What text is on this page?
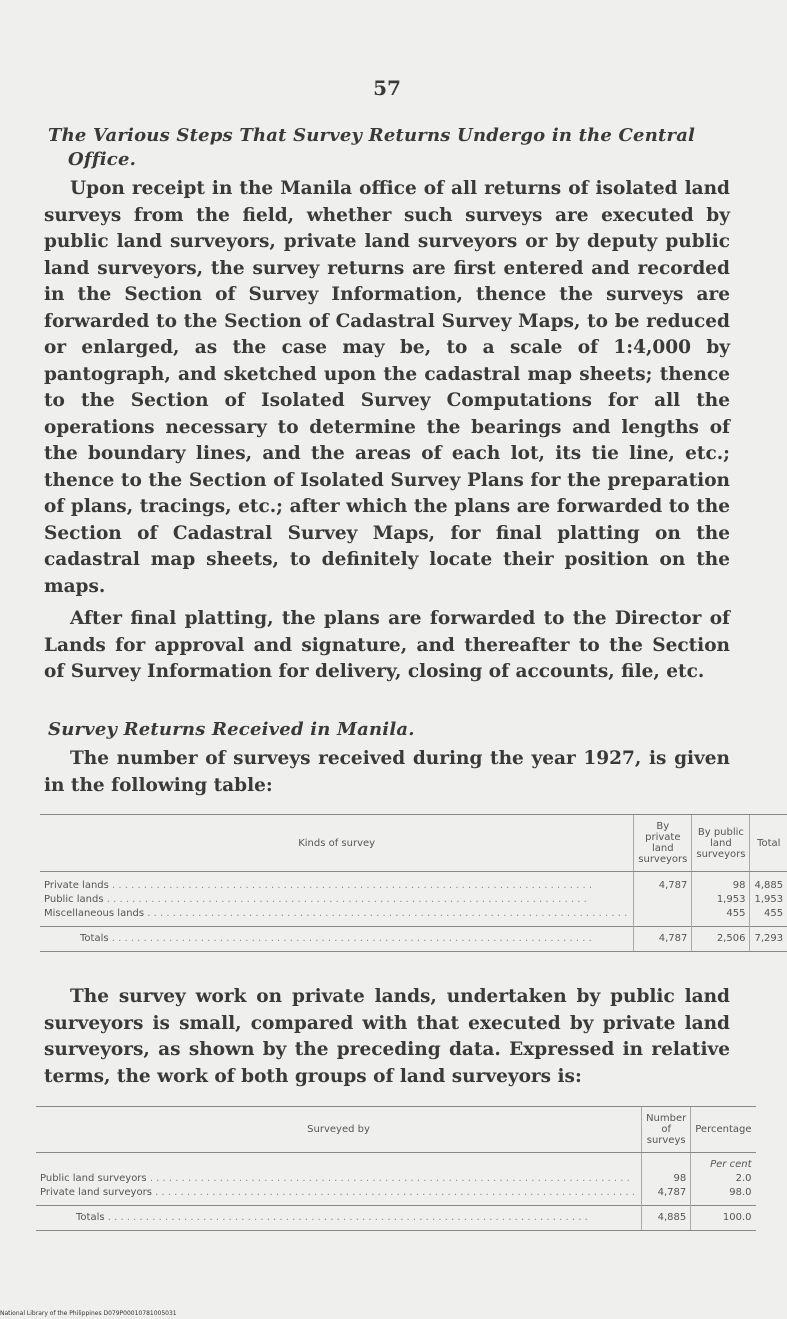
57
The Various Steps That Survey Returns Undergo in the Central
Office.
Upon receipt in the Manila office of all returns of isolated land surveys from the field, whether such surveys are executed by public land surveyors, private land surveyors or by deputy public land surveyors, the survey returns are first entered and recorded in the Section of Survey Information, thence the surveys are forwarded to the Section of Cadastral Survey Maps, to be reduced or enlarged, as the case may be, to a scale of 1:4,000 by pantograph, and sketched upon the cadastral map sheets; thence to the Section of Isolated Survey Computations for all the operations necessary to determine the bearings and lengths of the boundary lines, and the areas of each lot, its tie line, etc.; thence to the Section of Isolated Survey Plans for the preparation of plans, tracings, etc.; after which the plans are forwarded to the Section of Cadastral Survey Maps, for final platting on the cadastral map sheets, to definitely locate their position on the maps.
After final platting, the plans are forwarded to the Director of Lands for approval and signature, and thereafter to the Section of Survey Information for delivery, closing of accounts, file, etc.
Survey Returns Received in Manila.
The number of surveys received during the year 1927, is given in the following table:
Kinds of survey	By private land surveyors	By public land surveyors	Total
Private lands . . .	4,787	98	4,885
Public lands . . .		1,953	1,953
Miscellaneous lands . . .		455	455
Totals . . .	4,787	2,506	7,293
The survey work on private lands, undertaken by public land surveyors is small, compared with that executed by private land surveyors, as shown by the preceding data. Expressed in relative terms, the work of both groups of land surveyors is:
Surveyed by	Number of surveys	Percentage
		Per cent
Public land surveyors . . .	98	2.0
Private land surveyors . . .	4,787	98.0
Totals . . .	4,885	100.0
National Library of the Philippines D079P00010781005031
